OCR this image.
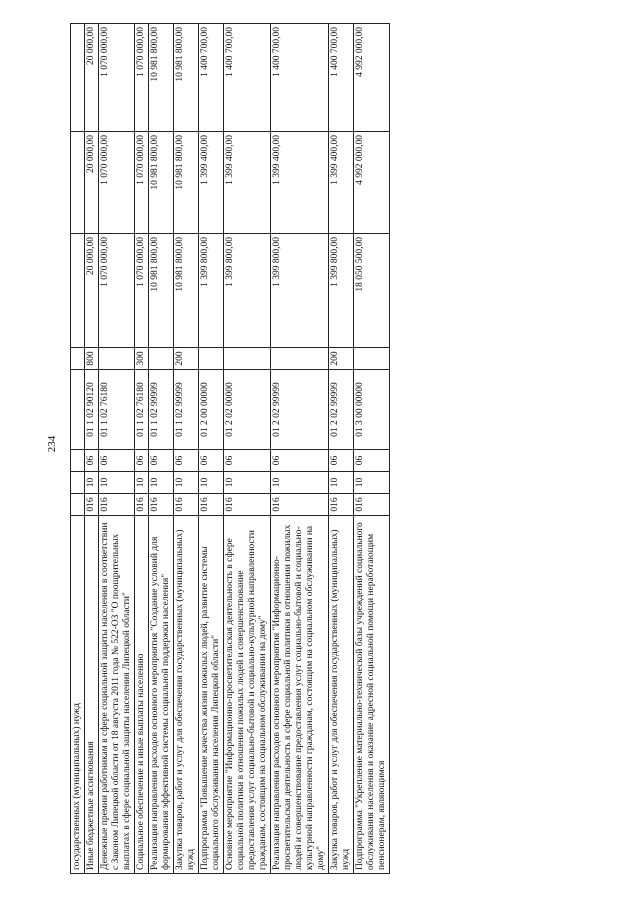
234
государственных (муниципальных) нужд								
Иные бюджетные ассигнования	016	10	06	01 1 02 90120	800	20 000,00	20 000,00	20 000,00
Денежные премии работникам в сфере социальной защиты населения в соответствии с Законом Липецкой области от 18 августа 2011 года № 522-ОЗ "О поощрительных выплатах в сфере социальной защиты населения Липецкой области"	016	10	06	01 1 02 76180		1 070 000,00	1 070 000,00	1 070 000,00
Социальное обеспечение и иные выплаты населению	016	10	06	01 1 02 76180	300	1 070 000,00	1 070 000,00	1 070 000,00
Реализация направления расходов основного мероприятия "Создание условий для формирования эффективной системы социальной поддержки населения"	016	10	06	01 1 02 99999		10 981 800,00	10 981 800,00	10 981 800,00
Закупка товаров, работ и услуг для обеспечения государственных (муниципальных) нужд	016	10	06	01 1 02 99999	200	10 981 800,00	10 981 800,00	10 981 800,00
Подпрограмма "Повышение качества жизни пожилых людей, развитие системы социального обслуживания населения Липецкой области"	016	10	06	01 2 00 00000		1 399 800,00	1 399 400,00	1 400 700,00
Основное мероприятие "Информационно-просветительская деятельность в сфере социальной политики в отношении пожилых людей и совершенствование предоставления услуг социально-бытовой и социально-культурной направленности гражданам, состоящим на социальном обслуживании на дому"	016	10	06	01 2 02 00000		1 399 800,00	1 399 400,00	1 400 700,00
Реализация направления расходов основного мероприятия "Информационно-просветительская деятельность в сфере социальной политики в отношении пожилых людей и совершенствование предоставления услуг социально-бытовой и социально-культурной направленности гражданам, состоящим на социальном обслуживании на дому"	016	10	06	01 2 02 99999		1 399 800,00	1 399 400,00	1 400 700,00
Закупка товаров, работ и услуг для обеспечения государственных (муниципальных) нужд	016	10	06	01 2 02 99999	200	1 399 800,00	1 399 400,00	1 400 700,00
Подпрограмма "Укрепление материально-технической базы учреждений социального обслуживания населения и оказание адресной социальной помощи неработающим пенсионерам, являющимся	016	10	06	01 3 00 00000		18 050 500,00	4 992 000,00	4 992 000,00
